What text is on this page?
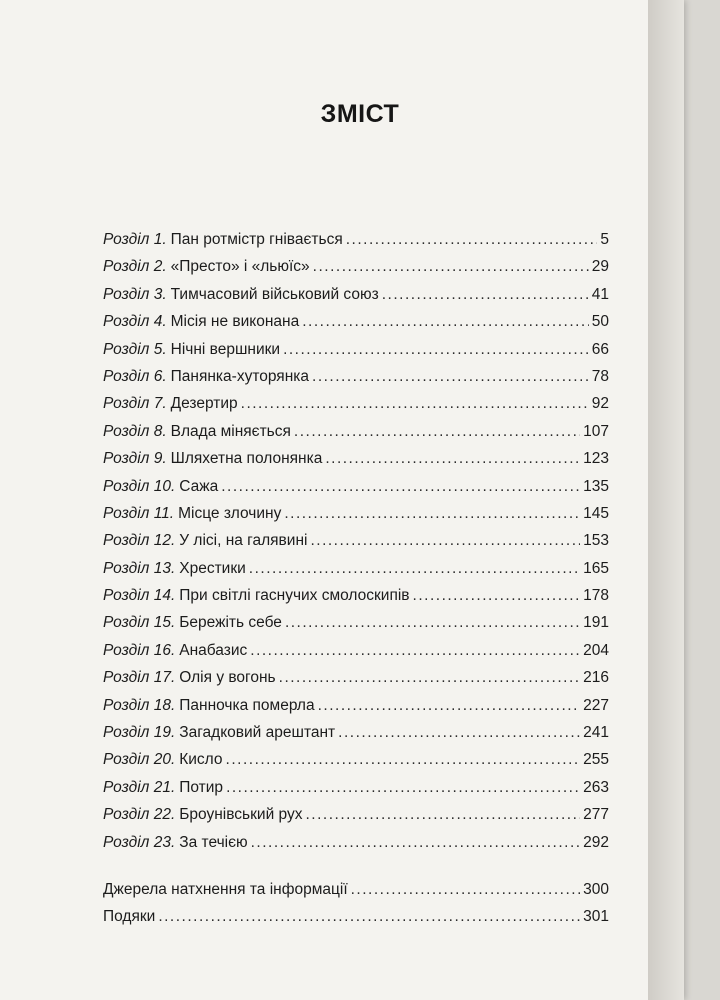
ЗМІСТ
Розділ 1. Пан ротмістр гнівається .....	5
Розділ 2. «Престо» і «льюїс» .....	29
Розділ 3. Тимчасовий військовий союз .....	41
Розділ 4. Місія не виконана .....	50
Розділ 5. Нічні вершники .....	66
Розділ 6. Панянка-хуторянка .....	78
Розділ 7. Дезертир .....	92
Розділ 8. Влада міняється .....	107
Розділ 9. Шляхетна полонянка .....	123
Розділ 10. Сажа .....	135
Розділ 11. Місце злочину .....	145
Розділ 12. У лісі, на галявині .....	153
Розділ 13. Хрестики .....	165
Розділ 14. При світлі гаснучих смолоскипів .....	178
Розділ 15. Бережіть себе .....	191
Розділ 16. Анабазис .....	204
Розділ 17. Олія у вогонь .....	216
Розділ 18. Панночка померла .....	227
Розділ 19. Загадковий арештант .....	241
Розділ 20. Кисло .....	255
Розділ 21. Потир .....	263
Розділ 22. Броунівський рух .....	277
Розділ 23. За течією .....	292
Джерела натхнення та інформації .....	300
Подяки .....	301
